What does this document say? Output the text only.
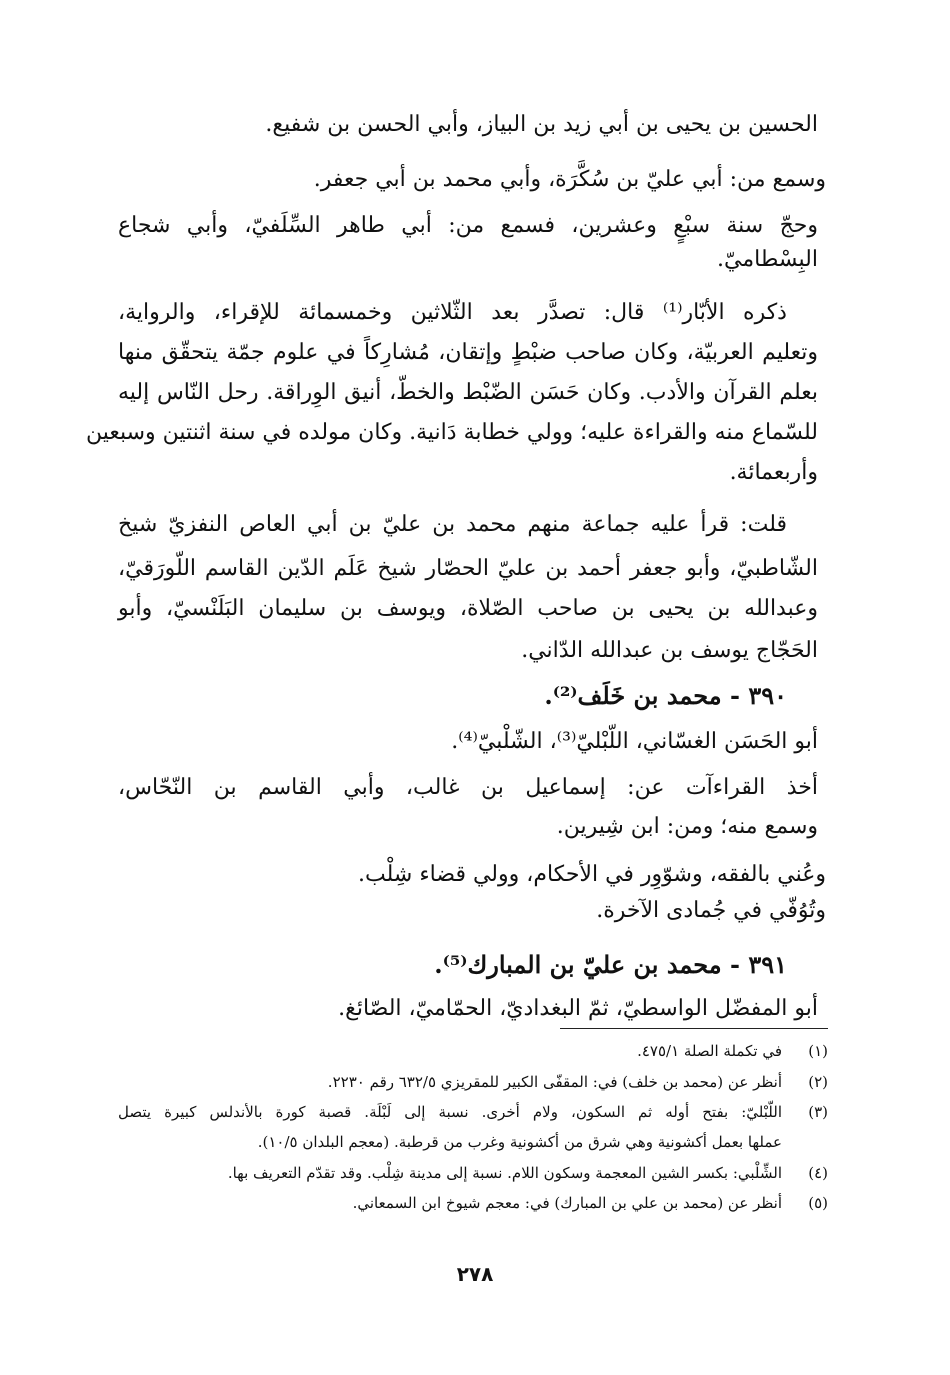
الحسين بن يحيى بن أبي زيد بن البياز، وأبي الحسن بن شفيع.
وسمع من: أبي عليّ بن سُكَّرَة، وأبي محمد بن أبي جعفر.
وحجّ سنة سبْعٍ وعشرين، فسمع من: أبي طاهر السِّلَفيّ، وأبي شجاع
البِسْطاميّ.
ذكره الأبّار⁽¹⁾ قال: تصدَّر بعد الثّلاثين وخمسمائة للإقراء، والرواية،
وتعليم العربيّة، وكان صاحب ضبْطٍ وإتقان، مُشارِكاً في علوم جمّة يتحقّق منها
بعلم القرآن والأدب. وكان حَسَن الضّبْط والخطّ، أنيق الوِراقة. رحل النّاس إليه
للسّماع منه والقراءة عليه؛ وولي خطابة دَانية. وكان مولده في سنة اثنتين وسبعين
وأربعمائة.
قلت: قرأ عليه جماعة منهم محمد بن عليّ بن أبي العاص النفزيّ شيخ
الشّاطبيّ، وأبو جعفر أحمد بن عليّ الحصّار شيخ عَلَم الدّين القاسم اللّورَقيّ،
وعبدالله بن يحيى بن صاحب الصّلاة، ويوسف بن سليمان البَلَنْسيّ، وأبو
الحَجّاج يوسف بن عبدالله الدّاني.
٣٩٠ - محمد بن خَلَف⁽²⁾.
أبو الحَسَن الغسّاني، اللّبْليّ⁽³⁾، الشّلْبيّ⁽⁴⁾.
أخذ القراءآت عن: إسماعيل بن غالب، وأبي القاسم بن النّحّاس،
وسمع منه؛ ومن: ابن شِيرين.
وعُني بالفقه، وشوّوِر في الأحكام، وولي قضاء شِلْب.
وتُوُفّي في جُمادى الآخرة.
٣٩١ - محمد بن عليّ بن المبارك⁽⁵⁾.
أبو المفضّل الواسطيّ، ثمّ البغداديّ، الحمّاميّ، الصّائغ.
(١)
في تكملة الصلة ٤٧٥/١.
(٢)
أنظر عن (محمد بن خلف) في: المقفّى الكبير للمقريزي ٦٣٢/٥ رقم ٢٢٣٠.
(٣)
اللّبْليّ: بفتح أوله ثم السكون، ولام أخرى. نسبة إلى لَبْلَة. قصبة كورة بالأندلس كبيرة يتصل
عملها بعمل أكشونية وهي شرق من أكشونية وغرب من قرطبة. (معجم البلدان ١٠/٥).
(٤)
الشِّلْبي: بكسر الشين المعجمة وسكون اللام. نسبة إلى مدينة شِلْب. وقد تقدّم التعريف بها.
(٥)
أنظر عن (محمد بن علي بن المبارك) في: معجم شيوخ ابن السمعاني.
٢٧٨
